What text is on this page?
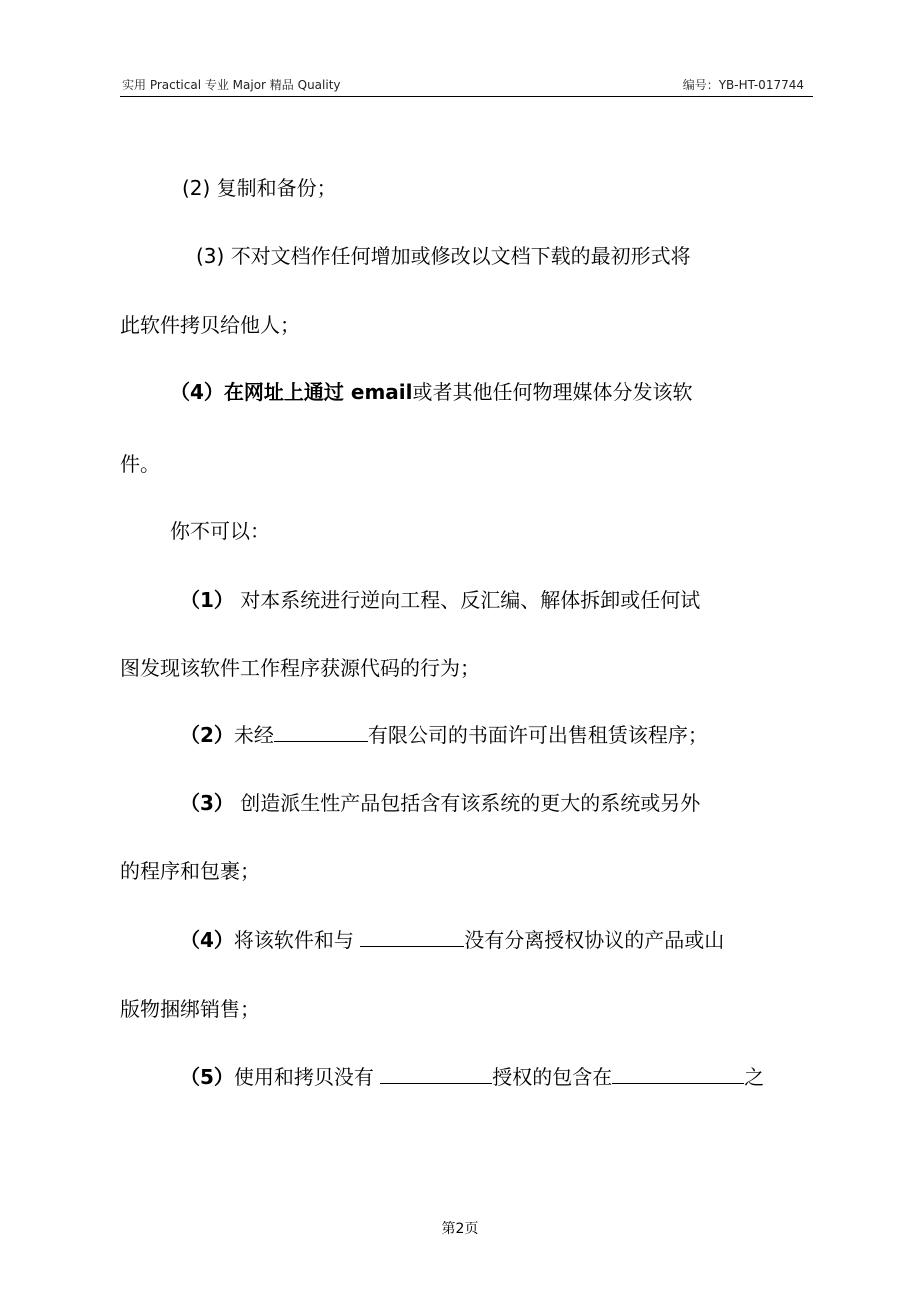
实用 Practical 专业 Major 精品 Quality	编号：YB-HT-017744
(2) 复制和备份；
(3) 不对文档作任何增加或修改以文档下载的最初形式将
此软件拷贝给他人；
（4）在网址上通过 email或者其他任何物理媒体分发该软
件。
你不可以：
（1） 对本系统进行逆向工程、反汇编、解体拆卸或任何试
图发现该软件工作程序获源代码的行为；
（2）未经	有限公司的书面许可出售租赁该程序；
（3） 创造派生性产品包括含有该系统的更大的系统或另外
的程序和包裹；
（4）将该软件和与	没有分离授权协议的产品或山
版物捆绑销售；
（5）使用和拷贝没有	授权的包含在	之
第2页
